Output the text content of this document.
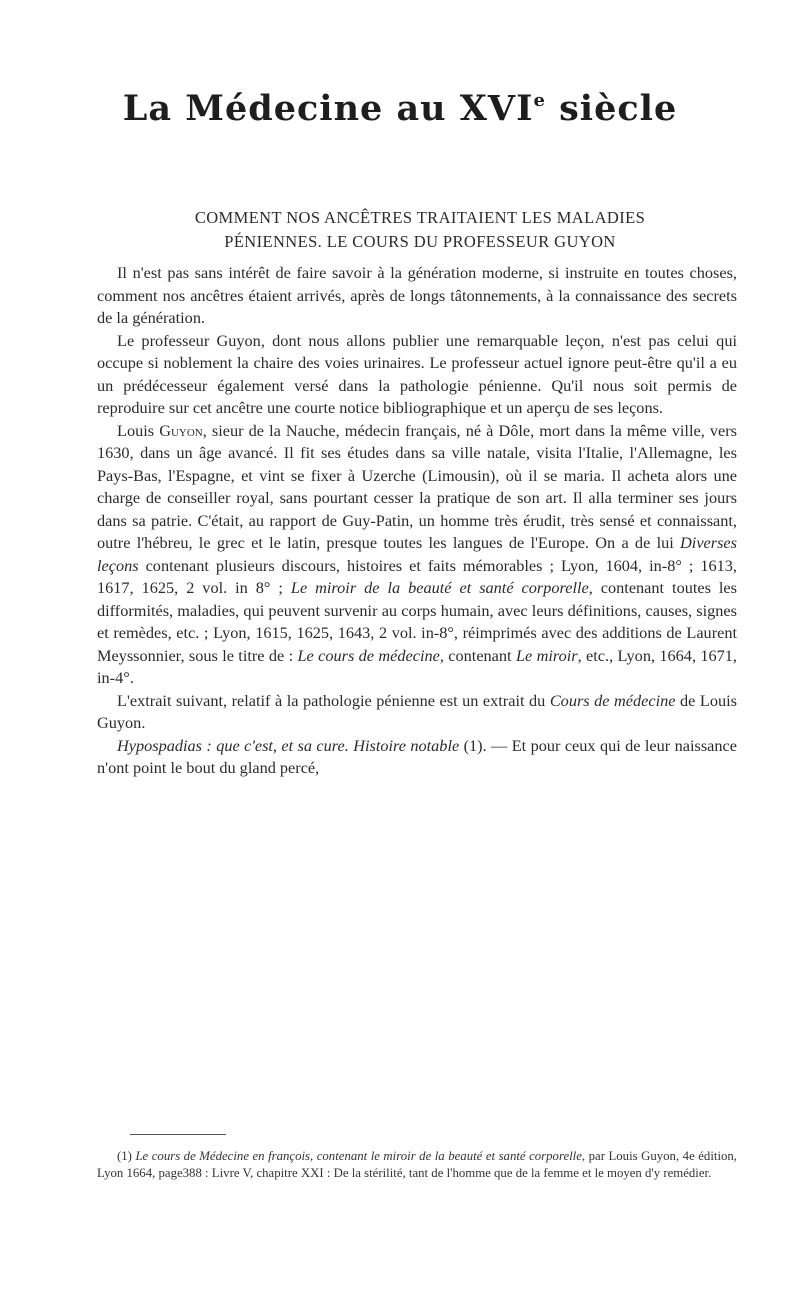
La Médecine au XVIe siècle
COMMENT NOS ANCÊTRES TRAITAIENT LES MALADIES
PÉNIENNES. LE COURS DU PROFESSEUR GUYON

Il n'est pas sans intérêt de faire savoir à la génération moderne, si instruite en toutes choses, comment nos ancêtres étaient arrivés, après de longs tâtonnements, à la connaissance des secrets de la génération.

Le professeur Guyon, dont nous allons publier une remarquable leçon, n'est pas celui qui occupe si noblement la chaire des voies urinaires. Le professeur actuel ignore peut-être qu'il a eu un prédécesseur également versé dans la pathologie pénienne. Qu'il nous soit permis de reproduire sur cet ancêtre une courte notice bibliographique et un aperçu de ses leçons.

Louis Guyon, sieur de la Nauche, médecin français, né à Dôle, mort dans la même ville, vers 1630, dans un âge avancé. Il fit ses études dans sa ville natale, visita l'Italie, l'Allemagne, les Pays-Bas, l'Espagne, et vint se fixer à Uzerche (Limousin), où il se maria. Il acheta alors une charge de conseiller royal, sans pourtant cesser la pratique de son art. Il alla terminer ses jours dans sa patrie. C'était, au rapport de Guy-Patin, un homme très érudit, très sensé et connaissant, outre l'hébreu, le grec et le latin, presque toutes les langues de l'Europe. On a de lui Diverses leçons contenant plusieurs discours, histoires et faits mémorables ; Lyon, 1604, in-8° ; 1613, 1617, 1625, 2 vol. in 8° ; Le miroir de la beauté et santé corporelle, contenant toutes les difformités, maladies, qui peuvent survenir au corps humain, avec leurs définitions, causes, signes et remèdes, etc. ; Lyon, 1615, 1625, 1643, 2 vol. in-8°, réimprimés avec des additions de Laurent Meyssonnier, sous le titre de : Le cours de médecine, contenant Le miroir, etc., Lyon, 1664, 1671, in-4°.

L'extrait suivant, relatif à la pathologie pénienne est un extrait du Cours de médecine de Louis Guyon.

Hypospadias : que c'est, et sa cure. Histoire notable (1). — Et pour ceux qui de leur naissance n'ont point le bout du gland percé,

(1) Le cours de Médecine en françois, contenant le miroir de la beauté et santé corporelle, par Louis Guyon, 4e édition, Lyon 1664, page388 : Livre V, chapitre XXI : De la stérilité, tant de l'homme que de la femme et le moyen d'y remédier.
